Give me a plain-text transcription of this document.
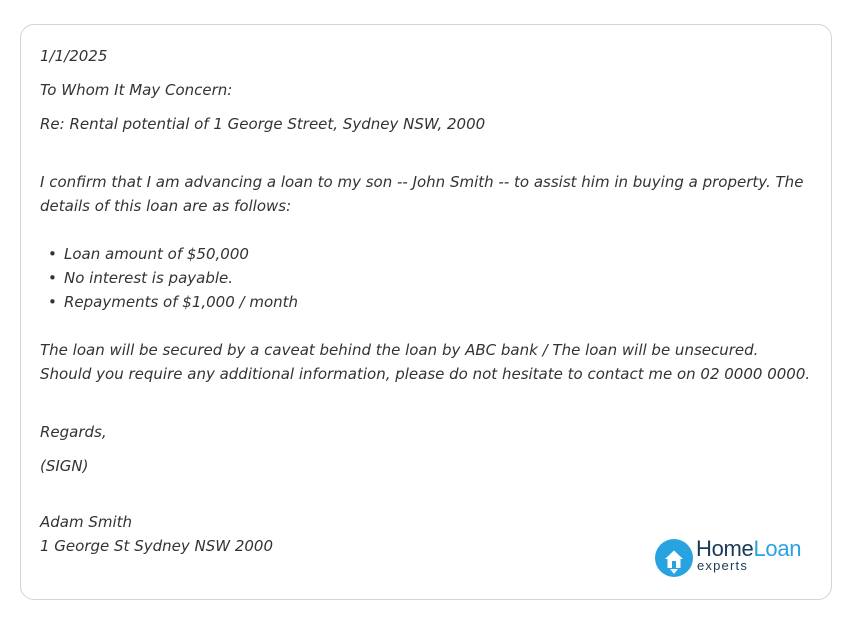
1/1/2025

To Whom It May Concern:

Re: Rental potential of 1 George Street, Sydney NSW, 2000

I confirm that I am advancing a loan to my son -- John Smith -- to assist him in buying a property. The details of this loan are as follows:

• Loan amount of $50,000
• No interest is payable.
• Repayments of $1,000 / month

The loan will be secured by a caveat behind the loan by ABC bank / The loan will be unsecured.

Should you require any additional information, please do not hesitate to contact me on 02 0000 0000.

Regards,

(SIGN)

Adam Smith

1 George St Sydney NSW 2000	HomeLoan
experts
